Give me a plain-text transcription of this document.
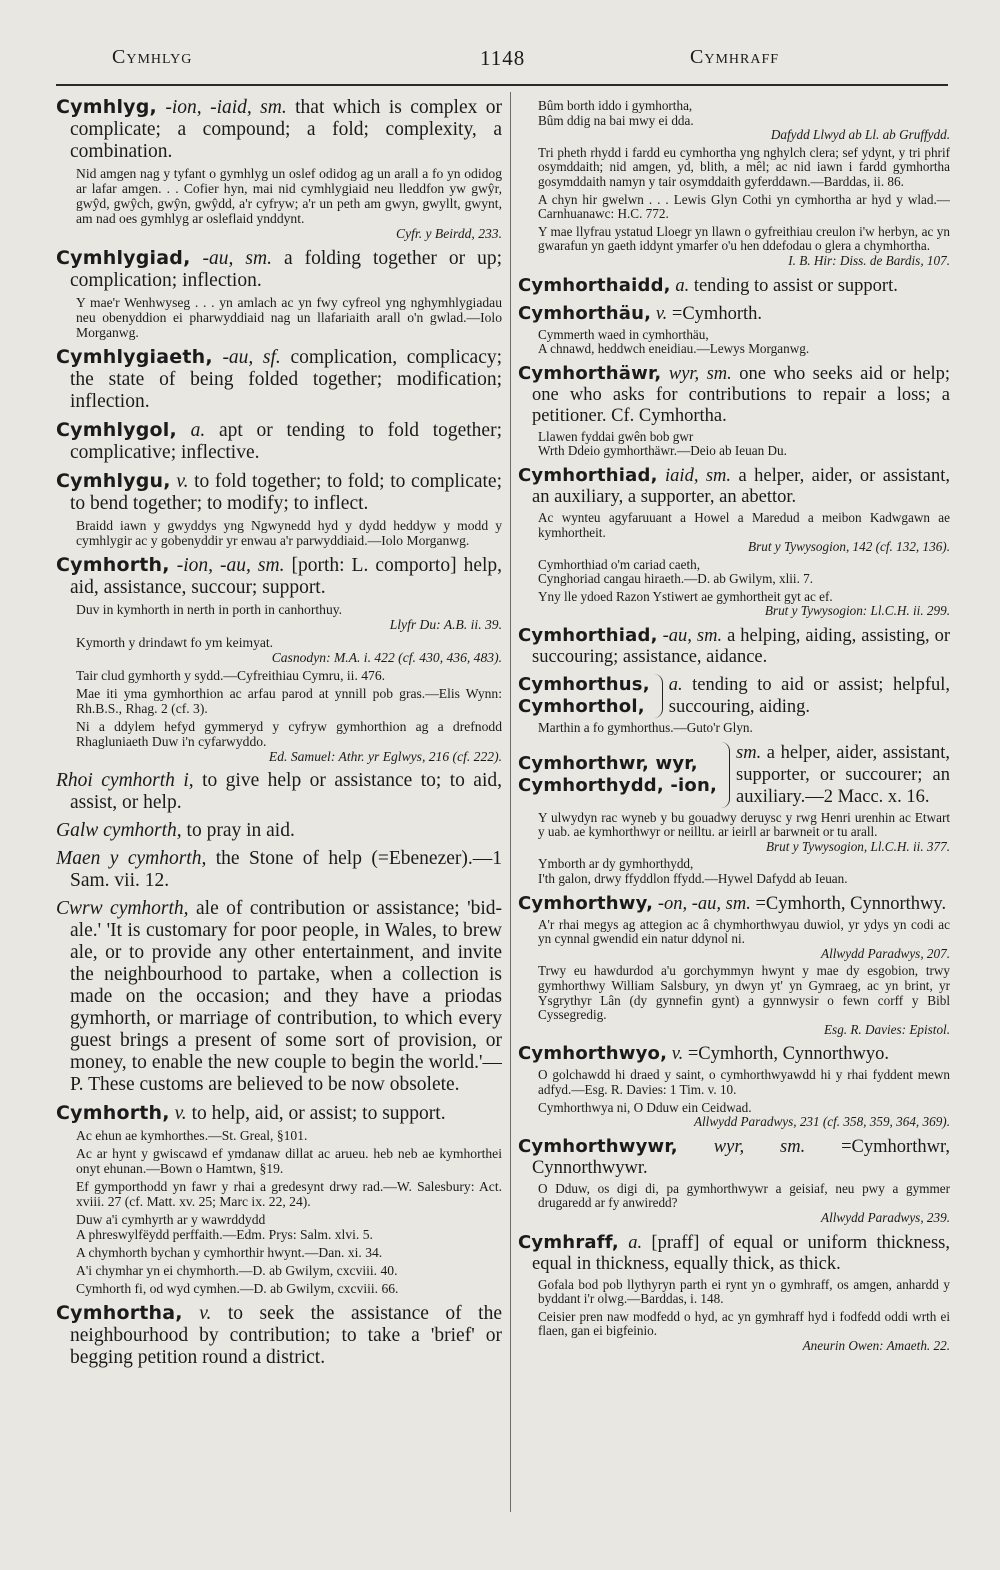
Cymhlyg	1148	Cymhraff

Cymhlyg, -ion, -iaid, sm. that which is complex or complicate; a compound; a fold; complexity, a combination.

Nid amgen nag y tyfant o gymhlyg un oslef odidog ag un arall a fo yn odidog ar lafar amgen. . . Cofier hyn, mai nid cymhlygiaid neu lleddfon yw gwŷr, gwŷd, gwŷch, gwŷn, gwŷdd, a'r cyfryw; a'r un peth am gwyn, gwyllt, gwynt, am nad oes gymhlyg ar osleflaid ynddynt.
Cyfr. y Beirdd, 233.

Cymhlygiad, -au, sm. a folding together or up; complication; inflection.

Y mae'r Wenhwyseg . . . yn amlach ac yn fwy cyfreol yng nghymhlygiadau neu obenyddion ei pharwyddiaid nag un llafariaith arall o'n gwlad.—Iolo Morganwg.

Cymhlygiaeth, -au, sf. complication, complicacy; the state of being folded together; modification; inflection.

Cymhlygol, a. apt or tending to fold together; complicative; inflective.

Cymhlygu, v. to fold together; to fold; to complicate; to bend together; to modify; to inflect.

Braidd iawn y gwyddys yng Ngwynedd hyd y dydd heddyw y modd y cymhlygir ac y gobenyddir yr enwau a'r parwyddiaid.—Iolo Morganwg.

Cymhorth, -ion, -au, sm. [porth: L. comporto] help, aid, assistance, succour; support.

Duv in kymhorth in nerth in porth in canhorthuy.
Llyfr Du: A.B. ii. 39.
Kymorth y drindawt fo ym keimyat.
Casnodyn: M.A. i. 422 (cf. 430, 436, 483).
Tair clud gymhorth y sydd.—Cyfreithiau Cymru, ii. 476.
Mae iti yma gymhorthion ac arfau parod at ynnill pob gras.—Elis Wynn: Rh.B.S., Rhag. 2 (cf. 3).
Ni a ddylem hefyd gymmeryd y cyfryw gymhorthion ag a drefnodd Rhagluniaeth Duw i'n cyfarwyddo.
Ed. Samuel: Athr. yr Eglwys, 216 (cf. 222).

Rhoi cymhorth i, to give help or assistance to; to aid, assist, or help.

Galw cymhorth, to pray in aid.

Maen y cymhorth, the Stone of help (=Ebenezer).—1 Sam. vii. 12.

Cwrw cymhorth, ale of contribution or assistance; 'bid-ale.' 'It is customary for poor people, in Wales, to brew ale, or to provide any other entertainment, and invite the neighbourhood to partake, when a collection is made on the occasion; and they have a priodas gymhorth, or marriage of contribution, to which every guest brings a present of some sort of provision, or money, to enable the new couple to begin the world.'—P. These customs are believed to be now obsolete.

Cymhorth, v. to help, aid, or assist; to support.

Ac ehun ae kymhorthes.—St. Greal, §101.
Ac ar hynt y gwiscawd ef ymdanaw dillat ac arueu. heb neb ae kymhorthei onyt ehunan.—Bown o Hamtwn, §19.
Ef gymporthodd yn fawr y rhai a gredesynt drwy rad.—W. Salesbury: Act. xviii. 27 (cf. Matt. xv. 25; Marc ix. 22, 24).
Duw a'i cymhyrth ar y wawrddydd
A phreswylfëydd perffaith.—Edm. Prys: Salm. xlvi. 5.
A chymhorth bychan y cymhorthir hwynt.—Dan. xi. 34.
A'i chymhar yn ei chymhorth.—D. ab Gwilym, cxcviii. 40.
Cymhorth fi, od wyd cymhen.—D. ab Gwilym, cxcviii. 66.

Cymhortha, v. to seek the assistance of the neighbourhood by contribution; to take a 'brief' or begging petition round a district.

Bûm borth iddo i gymhortha,
Bûm ddig na bai mwy ei dda.
Dafydd Llwyd ab Ll. ab Gruffydd.
Tri pheth rhydd i fardd eu cymhortha yng nghylch clera; sef ydynt, y tri phrif osymddaith; nid amgen, yd, blith, a mêl; ac nid iawn i fardd gymhortha gosymddaith namyn y tair osymddaith gyferddawn.—Barddas, ii. 86.
A chyn hir gwelwn . . . Lewis Glyn Cothi yn cymhortha ar hyd y wlad.—Carnhuanawc: H.C. 772.
Y mae llyfrau ystatud Lloegr yn llawn o gyfreithiau creulon i'w herbyn, ac yn gwarafun yn gaeth iddynt ymarfer o'u hen ddefodau o glera a chymhortha.
I. B. Hir: Diss. de Bardis, 107.

Cymhorthaidd, a. tending to assist or support.

Cymhorthäu, v. =Cymhorth.

Cymmerth waed in cymhorthäu,
A chnawd, heddwch eneidiau.—Lewys Morganwg.

Cymhorthäwr, wyr, sm. one who seeks aid or help; one who asks for contributions to repair a loss; a petitioner. Cf. Cymhortha.

Llawen fyddai gwên bob gwr
Wrth Ddeio gymhorthäwr.—Deio ab Ieuan Du.

Cymhorthiad, iaid, sm. a helper, aider, or assistant, an auxiliary, a supporter, an abettor.

Ac wynteu agyfaruuant a Howel a Maredud a meibon Kadwgawn ae kymhortheit.
Brut y Tywysogion, 142 (cf. 132, 136).
Cymhorthiad o'm cariad caeth,
Cynghoriad cangau hiraeth.—D. ab Gwilym, xlii. 7.
Yny lle ydoed Razon Ystiwert ae gymhortheit gyt ac ef.
Brut y Tywysogion: Ll.C.H. ii. 299.

Cymhorthiad, -au, sm. a helping, aiding, assisting, or succouring; assistance, aidance.

Cymhorthus,
Cymhorthol,
a. tending to aid or assist; helpful, succouring, aiding.
Marthin a fo gymhorthus.—Guto'r Glyn.
Cymhorthwr, wyr,
Cymhorthydd, -ion,
sm. a helper, aider, assistant, supporter, or succourer; an auxiliary.—2 Macc. x. 16.
Y ulwydyn rac wyneb y bu gouadwy deruysc y rwg Henri urenhin ac Etwart y uab. ae kymhorthwyr or neilltu. ar ieirll ar barwneit or tu arall.
Brut y Tywysogion, Ll.C.H. ii. 377.
Ymborth ar dy gymhorthydd,
I'th galon, drwy ffyddlon ffydd.—Hywel Dafydd ab Ieuan.

Cymhorthwy, -on, -au, sm. =Cymhorth, Cynnorthwy.

A'r rhai megys ag attegion ac â chymhorthwyau duwiol, yr ydys yn codi ac yn cynnal gwendid ein natur ddynol ni.
Allwydd Paradwys, 207.
Trwy eu hawdurdod a'u gorchymmyn hwynt y mae dy esgobion, trwy gymhorthwy William Salsbury, yn dwyn yt' yn Gymraeg, ac yn brint, yr Ysgrythyr Lân (dy gynnefin gynt) a gynnwysir o fewn corff y Bibl Cyssegredig.
Esg. R. Davies: Epistol.

Cymhorthwyo, v. =Cymhorth, Cynnorthwyo.

O golchawdd hi draed y saint, o cymhorthwyawdd hi y rhai fyddent mewn adfyd.—Esg. R. Davies: 1 Tim. v. 10.
Cymhorthwya ni, O Dduw ein Ceidwad.
Allwydd Paradwys, 231 (cf. 358, 359, 364, 369).

Cymhorthwywr, wyr, sm. =Cymhorthwr, Cynnorthwywr.

O Dduw, os digi di, pa gymhorthwywr a geisiaf, neu pwy a gymmer drugaredd ar fy anwiredd?
Allwydd Paradwys, 239.

Cymhraff, a. [praff] of equal or uniform thickness, equal in thickness, equally thick, as thick.

Gofala bod pob llythyryn parth ei rynt yn o gymhraff, os amgen, anhardd y byddant i'r olwg.—Barddas, i. 148.
Ceisier pren naw modfedd o hyd, ac yn gymhraff hyd i fodfedd oddi wrth ei flaen, gan ei bigfeinio.
Aneurin Owen: Amaeth. 22.
